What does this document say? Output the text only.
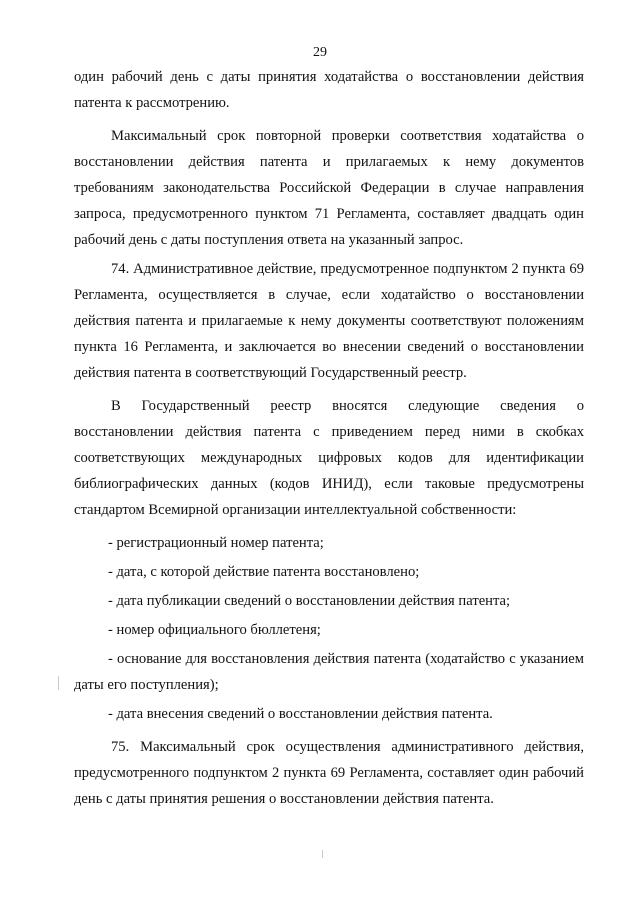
29

один рабочий день с даты принятия ходатайства о восстановлении действия патента к рассмотрению.

Максимальный срок повторной проверки соответствия ходатайства о восстановлении действия патента и прилагаемых к нему документов требованиям законодательства Российской Федерации в случае направления запроса, предусмотренного пунктом 71 Регламента, составляет двадцать один рабочий день с даты поступления ответа на указанный запрос.

74. Административное действие, предусмотренное подпунктом 2 пункта 69 Регламента, осуществляется в случае, если ходатайство о восстановлении действия патента и прилагаемые к нему документы соответствуют положениям пункта 16 Регламента, и заключается во внесении сведений о восстановлении действия патента в соответствующий Государственный реестр.

В Государственный реестр вносятся следующие сведения о восстановлении действия патента с приведением перед ними в скобках соответствующих международных цифровых кодов для идентификации библиографических данных (кодов ИНИД), если таковые предусмотрены стандартом Всемирной организации интеллектуальной собственности:

- регистрационный номер патента;

- дата, с которой действие патента восстановлено;

- дата публикации сведений о восстановлении действия патента;

- номер официального бюллетеня;

- основание для восстановления действия патента (ходатайство с указанием даты его поступления);

- дата внесения сведений о восстановлении действия патента.

75. Максимальный срок осуществления административного действия, предусмотренного подпунктом 2 пункта 69 Регламента, составляет один рабочий день с даты принятия решения о восстановлении действия патента.
